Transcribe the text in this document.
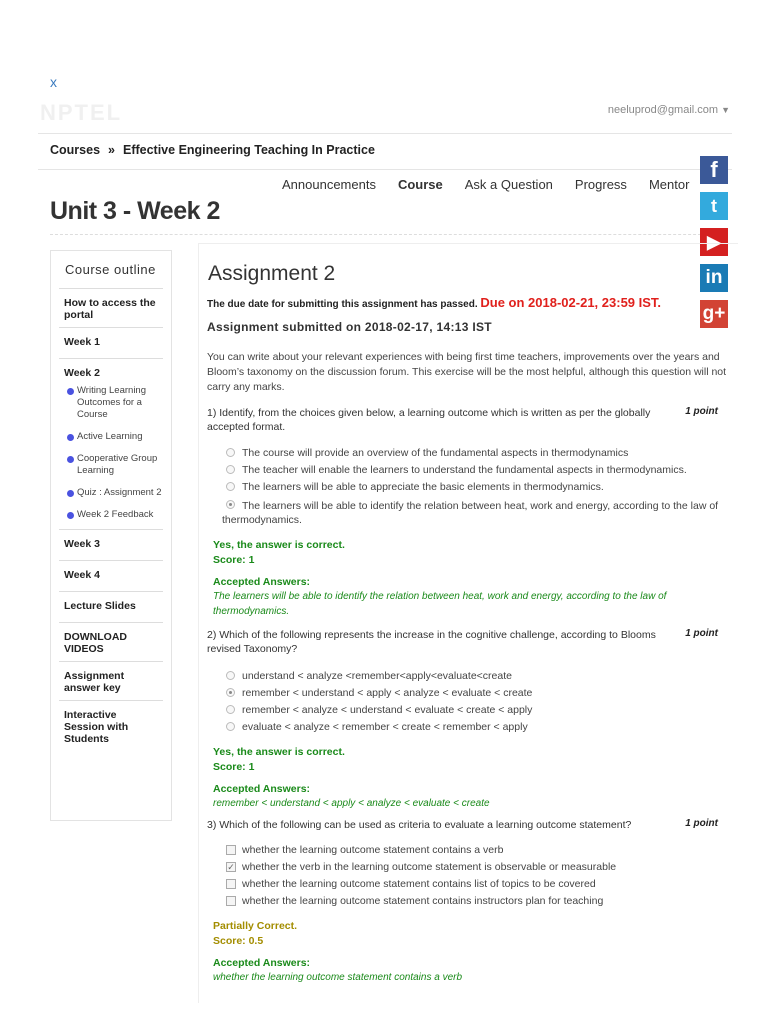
x
NPTEL	neeluprod@gmail.com ▼
Courses » Effective Engineering Teaching In Practice
Announcements Course Ask a Question Progress Mentor
Unit 3 - Week 2
f
t
▶
in
g+
Course outline
How to access the portal
Week 1
Week 2
Writing Learning Outcomes for a Course
Active Learning
Cooperative Group Learning
Quiz : Assignment 2
Week 2 Feedback
Week 3
Week 4
Lecture Slides
DOWNLOAD VIDEOS
Assignment answer key
Interactive Session with Students
Assignment 2
The due date for submitting this assignment has passed. Due on 2018-02-21, 23:59 IST.
Assignment submitted on 2018-02-17, 14:13 IST
You can write about your relevant experiences with being first time teachers, improvements over the years and Bloom’s taxonomy on the discussion forum. This exercise will be the most helpful, although this question will not carry any marks.
1) Identify, from the choices given below, a learning outcome which is written as per the globally accepted format.
1 point
The course will provide an overview of the fundamental aspects in thermodynamics
The teacher will enable the learners to understand the fundamental aspects in thermodynamics.
The learners will be able to appreciate the basic elements in thermodynamics.
The learners will be able to identify the relation between heat, work and energy, according to the law of thermodynamics.
Yes, the answer is correct.
Score: 1
Accepted Answers:
The learners will be able to identify the relation between heat, work and energy, according to the law of thermodynamics.
2) Which of the following represents the increase in the cognitive challenge, according to Blooms revised Taxonomy?
1 point
understand < analyze <remember<apply<evaluate<create
remember < understand < apply < analyze < evaluate < create
remember < analyze < understand < evaluate < create < apply
evaluate < analyze < remember < create < remember < apply
Yes, the answer is correct.
Score: 1
Accepted Answers:
remember < understand < apply < analyze < evaluate < create
3) Which of the following can be used as criteria to evaluate a learning outcome statement?	1 point
whether the learning outcome statement contains a verb
✓ whether the verb in the learning outcome statement is observable or measurable
whether the learning outcome statement contains list of topics to be covered
whether the learning outcome statement contains instructors plan for teaching
Partially Correct.
Score: 0.5
Accepted Answers:
whether the learning outcome statement contains a verb
